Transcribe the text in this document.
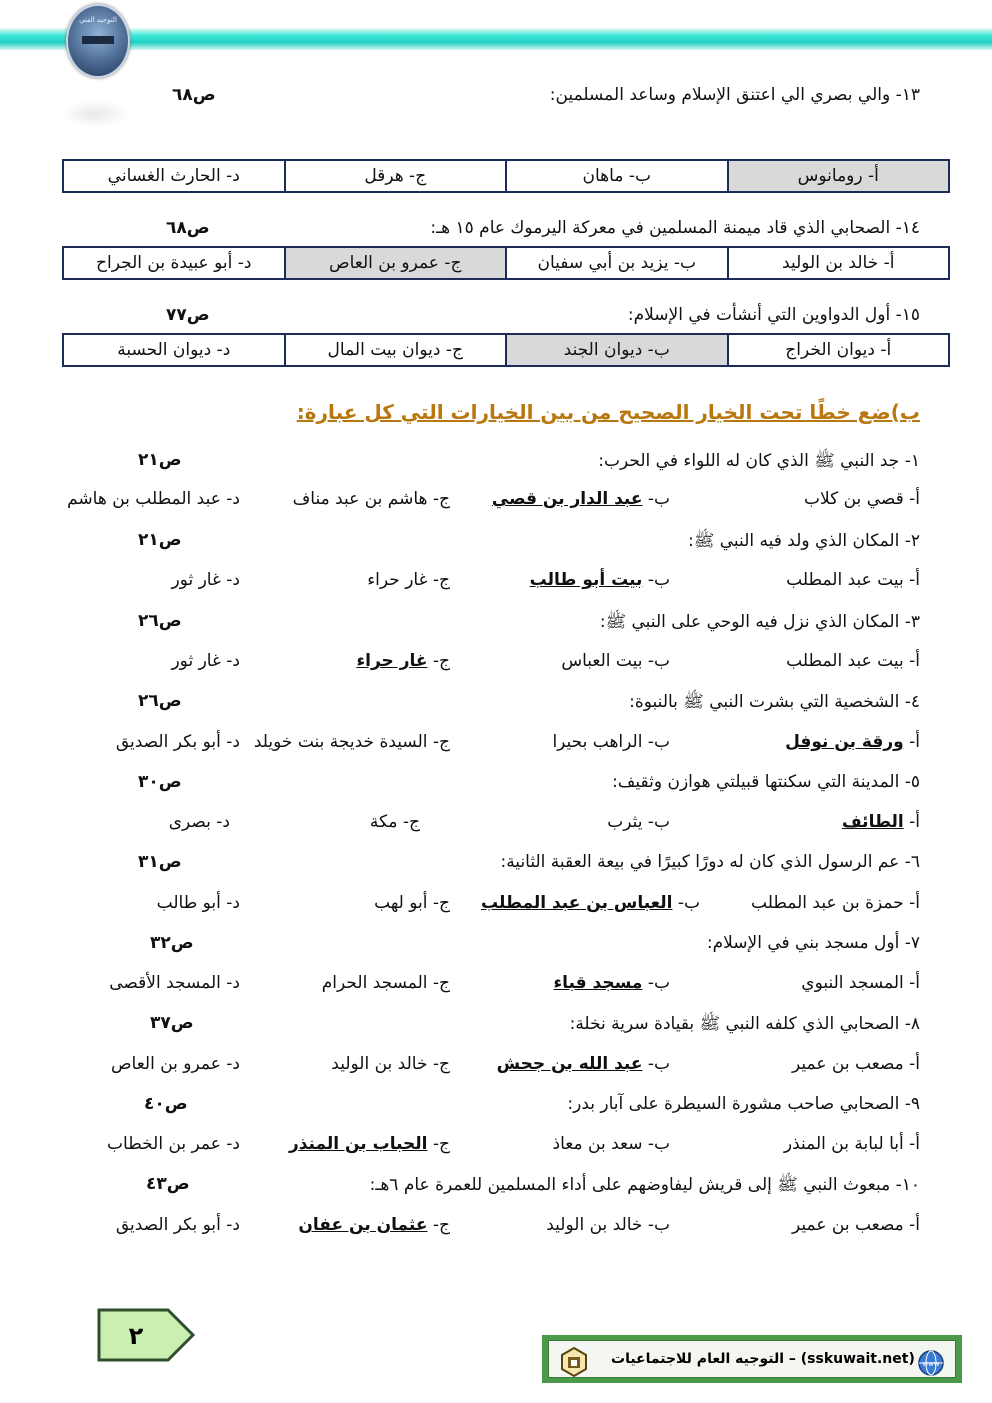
التوجيه الفني
١٣- والي بصري الي اعتنق الإسلام وساعد المسلمين:
ص٦٨
أ- رومانوس	ب- ماهان	ج- هرقل	د- الحارث الغساني
١٤- الصحابي الذي قاد ميمنة المسلمين في معركة اليرموك عام ١٥ هـ:
ص٦٨
أ- خالد بن الوليد	ب- يزيد بن أبي سفيان	ج- عمرو بن العاص	د- أبو عبيدة بن الجراح
١٥- أول الدواوين التي أنشأت في الإسلام:
ص٧٧
أ- ديوان الخراج	ب- ديوان الجند	ج- ديوان بيت المال	د- ديوان الحسبة
ب)ضع خطًا تحت الخيار الصحيح من بين الخيارات التي كل عبارة:
١- جد النبي ﷺ الذي كان له اللواء في الحرب:
ص٢١
أ- قصي بن كلاب
ب- عبد الدار بن قصي
ج- هاشم بن عبد مناف
د- عبد المطلب بن هاشم
٢- المكان الذي ولد فيه النبي ﷺ:
ص٢١
أ- بيت عبد المطلب
ب- بيت أبو طالب
ج- غار حراء
د- غار ثور
٣- المكان الذي نزل فيه الوحي على النبي ﷺ:
ص٢٦
أ- بيت عبد المطلب
ب- بيت العباس
ج- غار حراء
د- غار ثور
٤- الشخصية التي بشرت النبي ﷺ بالنبوة:
ص٢٦
أ- ورقة بن نوفل
ب- الراهب بحيرا
ج- السيدة خديجة بنت خويلد
د- أبو بكر الصديق
٥- المدينة التي سكنتها قبيلتي هوازن وثقيف:
ص٣٠
أ- الطائف
ب- يثرب
ج- مكة
د- بصرى
٦- عم الرسول الذي كان له دورًا كبيرًا في بيعة العقبة الثانية:
ص٣١
أ- حمزة بن عبد المطلب
ب- العباس بن عبد المطلب
ج- أبو لهب
د- أبو طالب
٧- أول مسجد بني في الإسلام:
ص٣٢
أ- المسجد النبوي
ب- مسجد قباء
ج- المسجد الحرام
د- المسجد الأقصى
٨- الصحابي الذي كلفه النبي ﷺ بقيادة سرية نخلة:
ص٣٧
أ- مصعب بن عمير
ب- عبد الله بن جحش
ج- خالد بن الوليد
د- عمرو بن العاص
٩- الصحابي صاحب مشورة السيطرة على آبار بدر:
ص٤٠
أ- أبا لبابة بن المنذر
ب- سعد بن معاذ
ج- الحباب بن المنذر
د- عمر بن الخطاب
١٠- مبعوث النبي ﷺ إلى قريش ليفاوضهم على أداء المسلمين للعمرة عام ٦هـ:
ص٤٣
أ- مصعب بن عمير
ب- خالد بن الوليد
ج- عثمان بن عفان
د- أبو بكر الصديق
٢
(sskuwait.net) – التوجيه العام للاجتماعيات www
